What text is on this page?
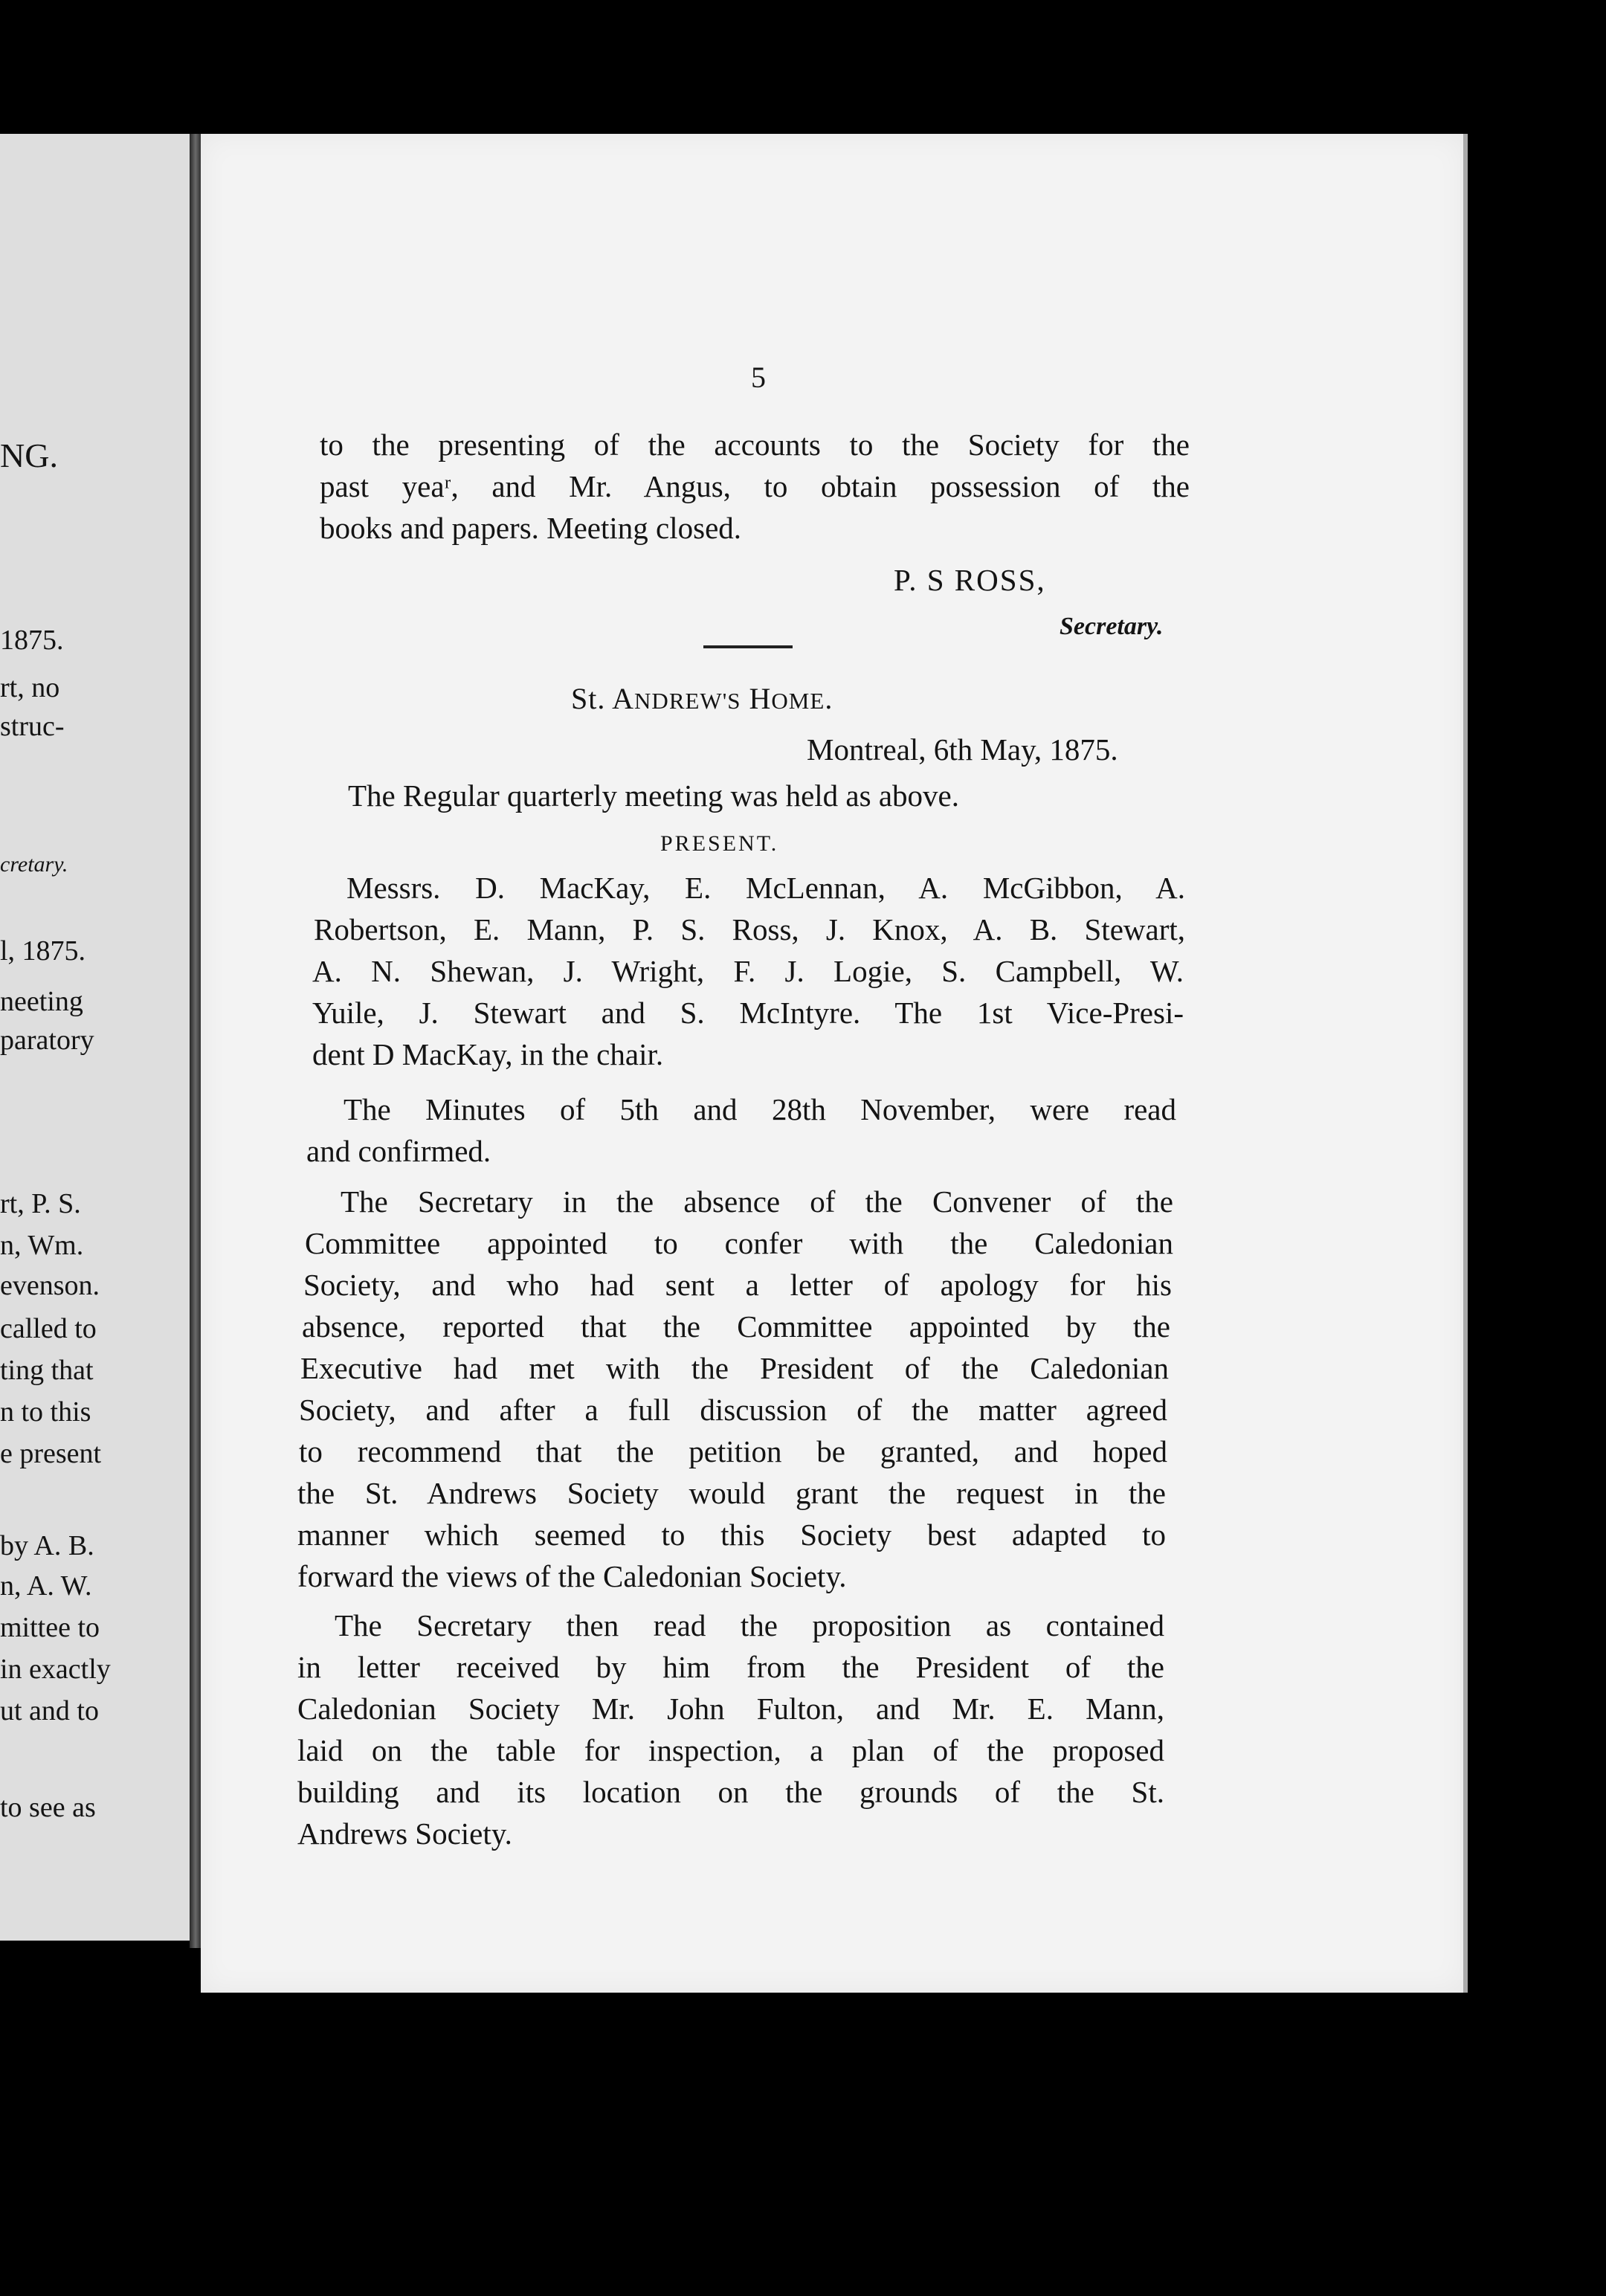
NG.
1875.
rt, no
struc-
cretary.
l, 1875.
neeting
paratory
rt, P. S.
n, Wm.
evenson.
called to
ting that
n to this
e present
by A. B.
n, A. W.
mittee to
in exactly
ut and to
to see as
5
to the presenting of the accounts to the Society for the
past yeaʳ, and Mr. Angus, to obtain possession of the
books and papers. Meeting closed.
P. S ROSS,
Secretary.
St. ANDREW'S HOME.
Montreal, 6th May, 1875.
The Regular quarterly meeting was held as above.
PRESENT.
Messrs. D. MacKay, E. McLennan, A. McGibbon, A.
Robertson, E. Mann, P. S. Ross, J. Knox, A. B. Stewart,
A. N. Shewan, J. Wright, F. J. Logie, S. Campbell, W.
Yuile, J. Stewart and S. McIntyre. The 1st Vice-Presi-
dent D MacKay, in the chair.
The Minutes of 5th and 28th November, were read
and confirmed.
The Secretary in the absence of the Convener of the
Committee appointed to confer with the Caledonian
Society, and who had sent a letter of apology for his
absence, reported that the Committee appointed by the
Executive had met with the President of the Caledonian
Society, and after a full discussion of the matter agreed
to recommend that the petition be granted, and hoped
the St. Andrews Society would grant the request in the
manner which seemed to this Society best adapted to
forward the views of the Caledonian Society.
The Secretary then read the proposition as contained
in letter received by him from the President of the
Caledonian Society Mr. John Fulton, and Mr. E. Mann,
laid on the table for inspection, a plan of the proposed
building and its location on the grounds of the St.
Andrews Society.
